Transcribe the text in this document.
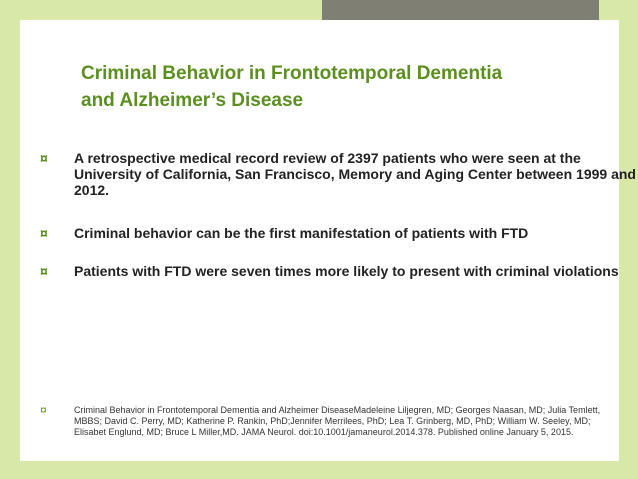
Criminal Behavior in Frontotemporal Dementia
and Alzheimer’s Disease
¤ A retrospective medical record review of 2397 patients who were seen at the University of California, San Francisco, Memory and Aging Center between 1999 and 2012.
¤ Criminal behavior can be the first manifestation of patients with FTD
¤ Patients with FTD were seven times more likely to present with criminal violations
¤	Criminal Behavior in Frontotemporal Dementia and Alzheimer DiseaseMadeleine Liljegren, MD; Georges Naasan, MD; Julia Temlett, MBBS; David C. Perry, MD; Katherine P. Rankin, PhD;Jennifer Merrilees, PhD; Lea T. Grinberg, MD, PhD; William W. Seeley, MD; Elisabet Englund, MD; Bruce L Miller,MD. JAMA Neurol. doi:10.1001/jamaneurol.2014.378. Published online January 5, 2015.
